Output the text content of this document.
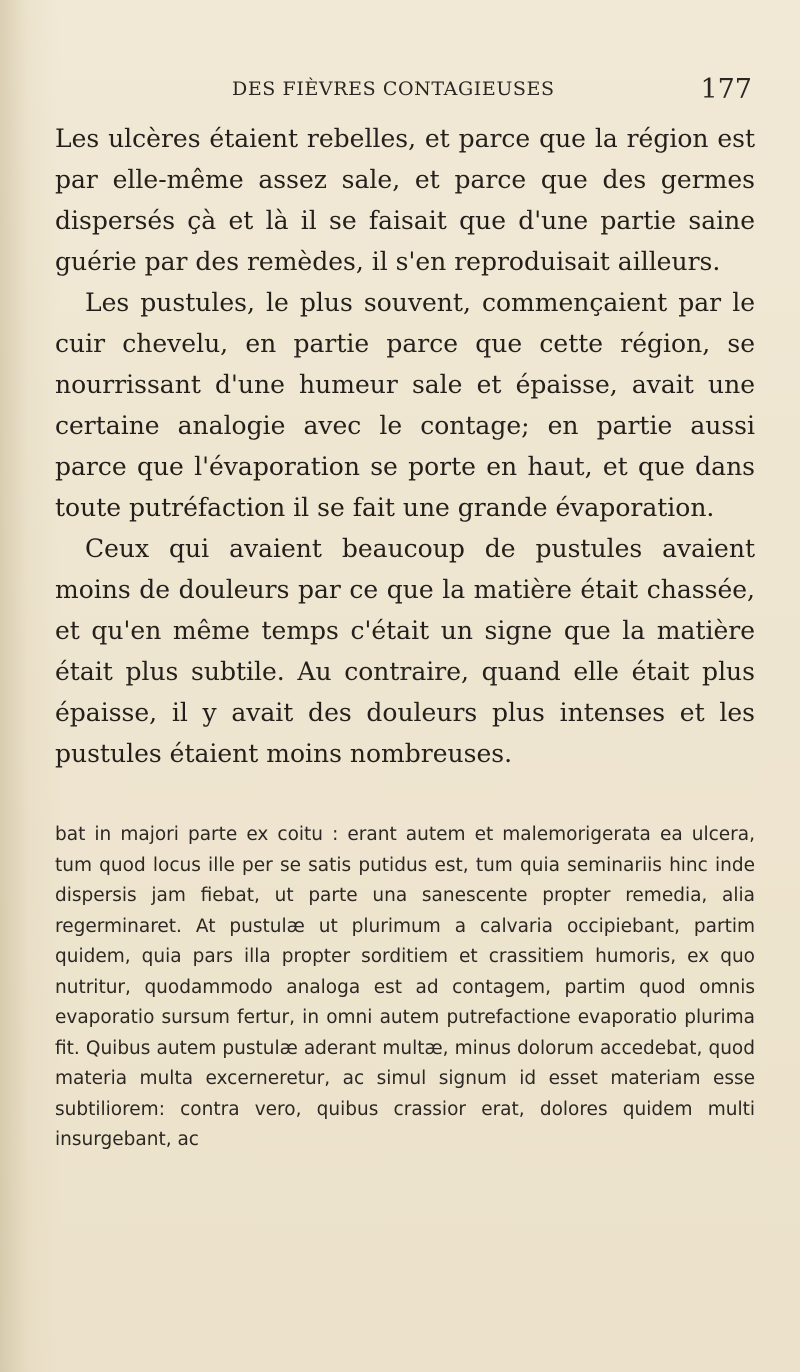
DES FIÈVRES CONTAGIEUSES	177

Les ulcères étaient rebelles, et parce que la région est par elle-même assez sale, et parce que des germes dispersés çà et là il se faisait que d'une partie saine guérie par des remèdes, il s'en reproduisait ailleurs.

Les pustules, le plus souvent, commençaient par le cuir chevelu, en partie parce que cette région, se nourrissant d'une humeur sale et épaisse, avait une certaine analogie avec le contage; en partie aussi parce que l'évaporation se porte en haut, et que dans toute putréfaction il se fait une grande évaporation.

Ceux qui avaient beaucoup de pustules avaient moins de douleurs par ce que la matière était chassée, et qu'en même temps c'était un signe que la matière était plus subtile. Au contraire, quand elle était plus épaisse, il y avait des douleurs plus intenses et les pustules étaient moins nombreuses.

bat in majori parte ex coitu : erant autem et malemorigerata ea ulcera, tum quod locus ille per se satis putidus est, tum quia seminariis hinc inde dispersis jam fiebat, ut parte una sanescente propter remedia, alia regerminaret. At pustulæ ut plurimum a calvaria occipiebant, partim quidem, quia pars illa propter sorditiem et crassitiem humoris, ex quo nutritur, quodammodo analoga est ad contagem, partim quod omnis evaporatio sursum fertur, in omni autem putrefactione evaporatio plurima fit. Quibus autem pustulæ aderant multæ, minus dolorum accedebat, quod materia multa excerneretur, ac simul signum id esset materiam esse subtiliorem: contra vero, quibus crassior erat, dolores quidem multi insurgebant, ac
